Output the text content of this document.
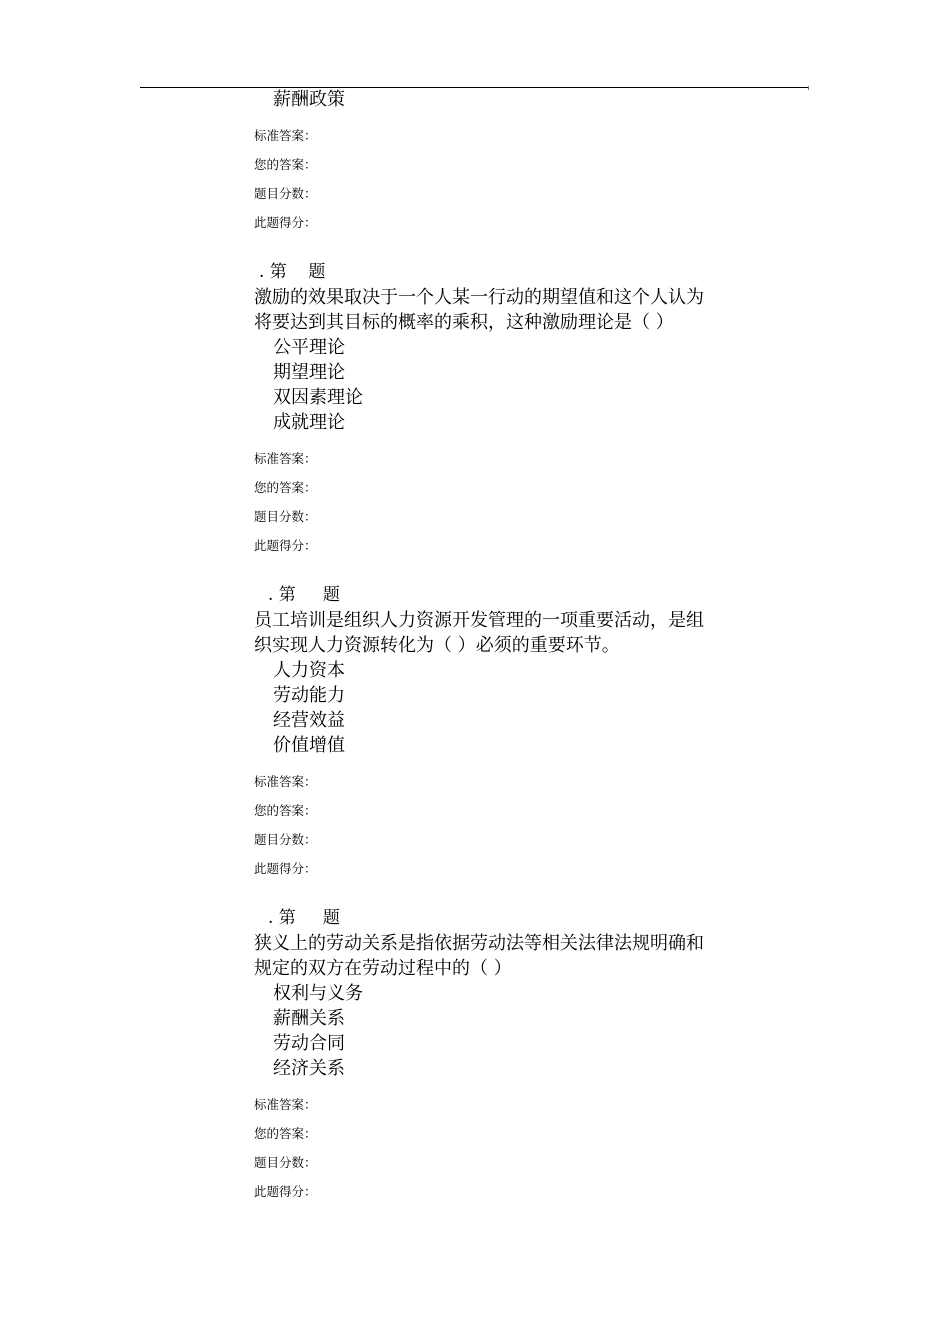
薪酬政策
标准答案：
您的答案：
题目分数：
此题得分：
. 第    题
激励的效果取决于一个人某一行动的期望值和这个人认为将要达到其目标的概率的乘积，这种激励理论是（ ）
公平理论
期望理论
双因素理论
成就理论
标准答案：
您的答案：
题目分数：
此题得分：
. 第     题
员工培训是组织人力资源开发管理的一项重要活动，是组织实现人力资源转化为（ ）必须的重要环节。
人力资本
劳动能力
经营效益
价值增值
标准答案：
您的答案：
题目分数：
此题得分：
. 第     题
狭义上的劳动关系是指依据劳动法等相关法律法规明确和规定的双方在劳动过程中的（ ）
权利与义务
薪酬关系
劳动合同
经济关系
标准答案：
您的答案：
题目分数：
此题得分：
